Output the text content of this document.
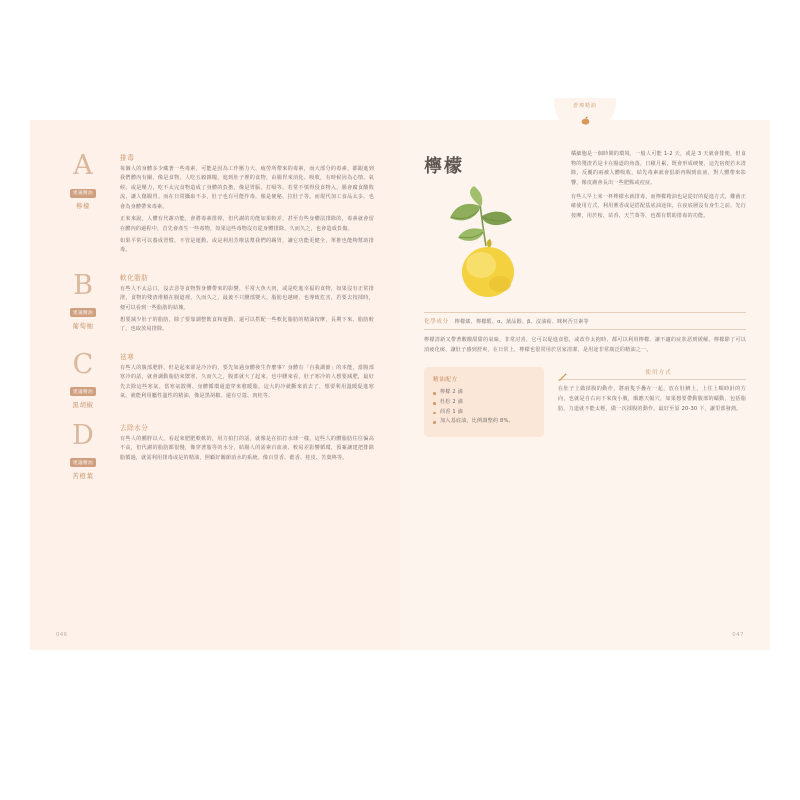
A
建議精油
檸檬
排毒

每個人的身體多少藏著一些毒素，可能是因為工作壓力大、疲勞所帶來的毒素，而大部分的毒素，都跟進到我們體內有關，像是食物。人吃五穀雜糧，進到肚子裡的食物，由腸胃來消化、吸收，有時候因為心情、氣候、或是壓力，吃不太完食物造成了身體的負擔，像是胃脹、打嗝等。若常不慎得侵食物入，腸會腐食酸敗流，讓人傷腸胃。而在日常攝取不多，肚子也有可能作毒，像是便秘、拉肚子等。而現代加工食品太多，也會為身體帶來毒素。

正來來說，人體有代謝功能，會將毒素排掉，但代謝的功能如果較差，甚至有些身體法排除的，毒素就會留在體內的過程中，首先會產生一些毒物，如果這些毒物沒有從身體排除，久而久之，也會造成負傷。

如果平常可以養成習慣、不管是運動、或是利用芳療法幫我們的踢胃，讓它功能更健全，單推也能夠幫助排毒。

B
建議精油
葡萄柚
軟化脂肪

有些人不太忌口，沒去惡等食物對身體帶來的影響，平常大魚大肉，或是吃進幸福的食物，如果沒有正常排泄，食物的殘渣堆積在腸道裡，久而久之，最後不只腰部變大、脂肪也越硬，也導致危害，若要去按揉時，便可以看到一些脂肪的結塊。

想要減少肚子的脂肪，除了要靠調整飲食和運動，還可以搭配一些軟化脂肪的精油按摩，長期下來、脂肪較了，也取放易排除。

C
建議精油
黑胡椒
祛寒

有些人的腹部肥胖，但是起來卻是冷冷的，要先如過身體發生作麼事？身體有「自我調節」的本能，當腹部寒冷的話，就會調動脂肪來禦寒，久而久之，腹部就大了起來。也中腰來看，肚子寒冷的人想要減肥，最好先去除這些寒氣。當寒氣散開、身體循環通道穿來愈暖脂，這大的冷就斷來消去了，想要利用溫暖促進寒氣、就能利用屬性溫性的精油，像是黑胡椒、還有豆蔻、肉桂等。

D
建議精油
苦橙葉
去除水分

有些人的腫胖以大，看起來肥肥軟軟的，用力拍打的話，就像是在拍打水球一樣，這些人的體脂肪住往偏高不高，但代謝的脂肪都很慢，像穿著脂等的水分，結腸人的需素百血液、較易差影響循環，預案讓建把排除脂循過，就需利用排毒或是的精油，照顧好關節消水的系統，像百里香、藿香、桂皮、苦葉柊等。

046
舒療精油
檸檬

橘細胞是一個時間的環境，一般人可能 1-2 天，或是 3 天就會排便，但食物的殘渣若是卡在腸道的角落，日積月累，既會形成硬便，這先宿便若未清除，反覆的兩被人體吸收，結先毒素就會倡新再賜到血液，對人體帶來影響，像皮膚會長出一些肥點或痘症。

有些人早上來一杯檸檬水就排毒，而檸檬精油也是從好的促進方式，難菌正確使用方式，利用薰香或是搭配基底油途抹，在夜底層沒有身生之前。先行按摩，用於桉、苗香、天竺葵等，也都有幫助排毒的功能。

化學成分 檸檬烯、檸檬醛、α、蒎品醇、β、沒油萜、咪柯否豆素等

檸檬清新又帶著酸酸甜甜的氣味，非常討喜，它可以促進食慾，或改作太抱時，都可以利用檸檬、讓不適的症狀恶到緩解。檸檬除了可以消疲化痰、讓肚子感到舒爽，在日常上，檸檬也很常用於居家清潔，是用途非常廣泛的精油之一。

精油配方
檸檬 2 滴
杜松 2 滴
茴香 1 滴
加入基底油，比例調整約 8%。
使用方式

在肚子上做揉腹的動作，將兩隻手疊在一起，放在肚臍上，上往上順時針的方向，也就是自右向下來復小腹，順應天幅穴，如果想要帶動腹部的蠕動，包括脂肪，力道就不能太輕，做一次揉腹的動作。最好至原 20-30 下，讓里部發熱。

047
